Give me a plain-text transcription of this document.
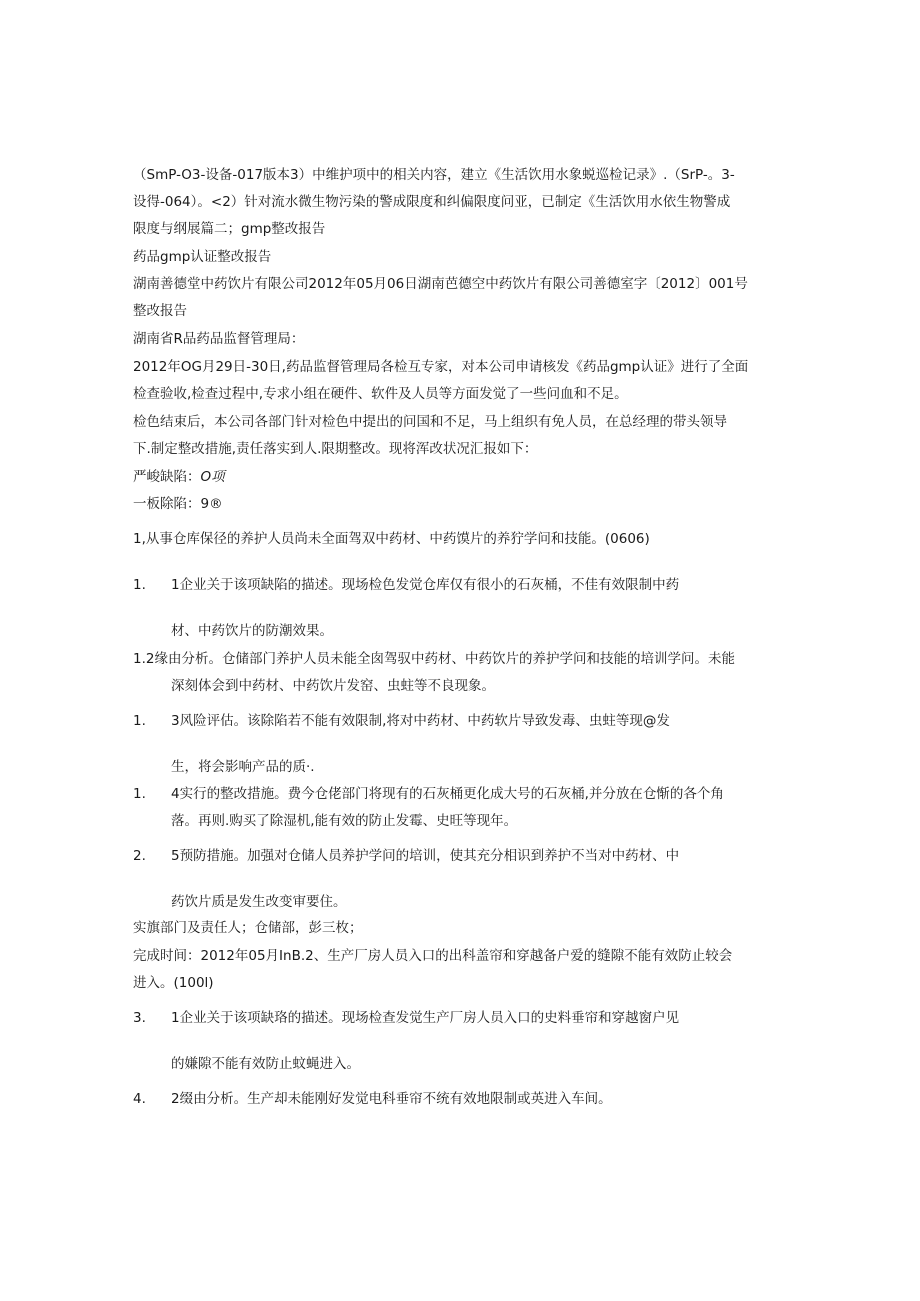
（SmP-O3-设备-017版本3）中维护项中的相关内容，建立《生活饮用水象蜕巡检记录》.（SrP-。3-
设得-064）。<2）针对流水微生物污染的警成限度和纠偏限度问亚，已制定《生活饮用水依生物警成
限度与纲展篇二；gmp整改报告
药品gmp认证整改报告
湖南善德堂中药饮片有限公司2012年05月06日湖南芭德空中药饮片有限公司善德室字〔2012〕001号
整改报告
湖南省R品药品监督管理局：
2012年OG月29日-30日,药品监督管理局各检互专家，对本公司申请核发《药品gmp认证》进行了全面
检查验收,检查过程中,专求小组在硬件、软件及人员等方面发觉了一些问血和不足。
检色结束后，本公司各部门针对检色中提出的问国和不足，马上组织有免人员，在总经理的带头领导
下.制定整改措施,责任落实到人.限期整改。现将浑改状况汇报如下：
严峻缺陷：O项
一板除陷：9®
1,从事仓库保径的养护人员尚未全面驾双中药材、中药馍片的养狞学问和技能。(0606)
1.	1企业关于该项缺陷的描述。现场检色发觉仓库仅有很小的石灰桶，不佳有效限制中药
材、中药饮片的防潮效果。
1.2缘由分析。仓储部门养护人员未能全囱驾驭中药材、中药饮片的养护学问和技能的培训学问。未能
深刻体会到中药材、中药饮片发窑、虫蛀等不良现象。
1.	3风险评估。该除陷若不能有效限制,将对中药材、中药软片导致发毒、虫蛀等现@发
生，将会影响产品的质·.
1.	4实行的整改措施。费今仓佬部门将现有的石灰桶更化成大号的石灰桶,并分放在仓惭的各个角
落。再则.购买了除湿机,能有效的防止发霉、史旺等现年。
2.	5预防措施。加强对仓储人员养护学问的培训，使其充分相识到养护不当对中药材、中
药饮片质是发生改变审要住。
实旗部门及责任人；仓储部，彭三枚；
完成时间：2012年05月InB.2、生产厂房人员入口的出科盖帘和穿越备户爱的缝隙不能有效防止较会
进入。(100l)
3.	1企业关于该项缺珞的描述。现场检查发觉生产厂房人员入口的史料垂帘和穿越窗户见
的嫌隙不能有效防止蚊蝇进入。
4.	2缀由分析。生产却未能刚好发觉电科垂帘不统有效地限制或英进入车间。
